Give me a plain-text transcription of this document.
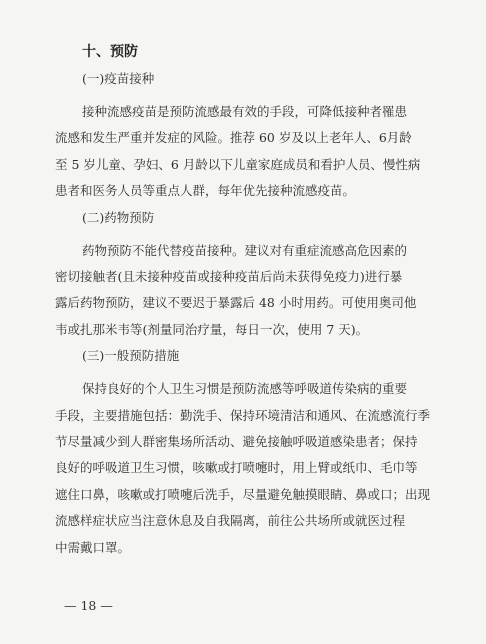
十、预防
(一)疫苗接种
接种流感疫苗是预防流感最有效的手段，可降低接种者罹患
流感和发生严重并发症的风险。推荐 60 岁及以上老年人、6月龄
至 5 岁儿童、孕妇、6 月龄以下儿童家庭成员和看护人员、慢性病
患者和医务人员等重点人群，每年优先接种流感疫苗。
(二)药物预防
药物预防不能代替疫苗接种。建议对有重症流感高危因素的
密切接触者(且未接种疫苗或接种疫苗后尚未获得免疫力)进行暴
露后药物预防，建议不要迟于暴露后 48 小时用药。可使用奥司他
韦或扎那米韦等(剂量同治疗量，每日一次，使用 7 天)。
(三)一般预防措施
保持良好的个人卫生习惯是预防流感等呼吸道传染病的重要
手段，主要措施包括：勤洗手、保持环境清洁和通风、在流感流行季
节尽量减少到人群密集场所活动、避免接触呼吸道感染患者；保持
良好的呼吸道卫生习惯，咳嗽或打喷嚏时，用上臂或纸巾、毛巾等
遮住口鼻，咳嗽或打喷嚏后洗手，尽量避免触摸眼睛、鼻或口；出现
流感样症状应当注意休息及自我隔离，前往公共场所或就医过程
中需戴口罩。
— 18 —
